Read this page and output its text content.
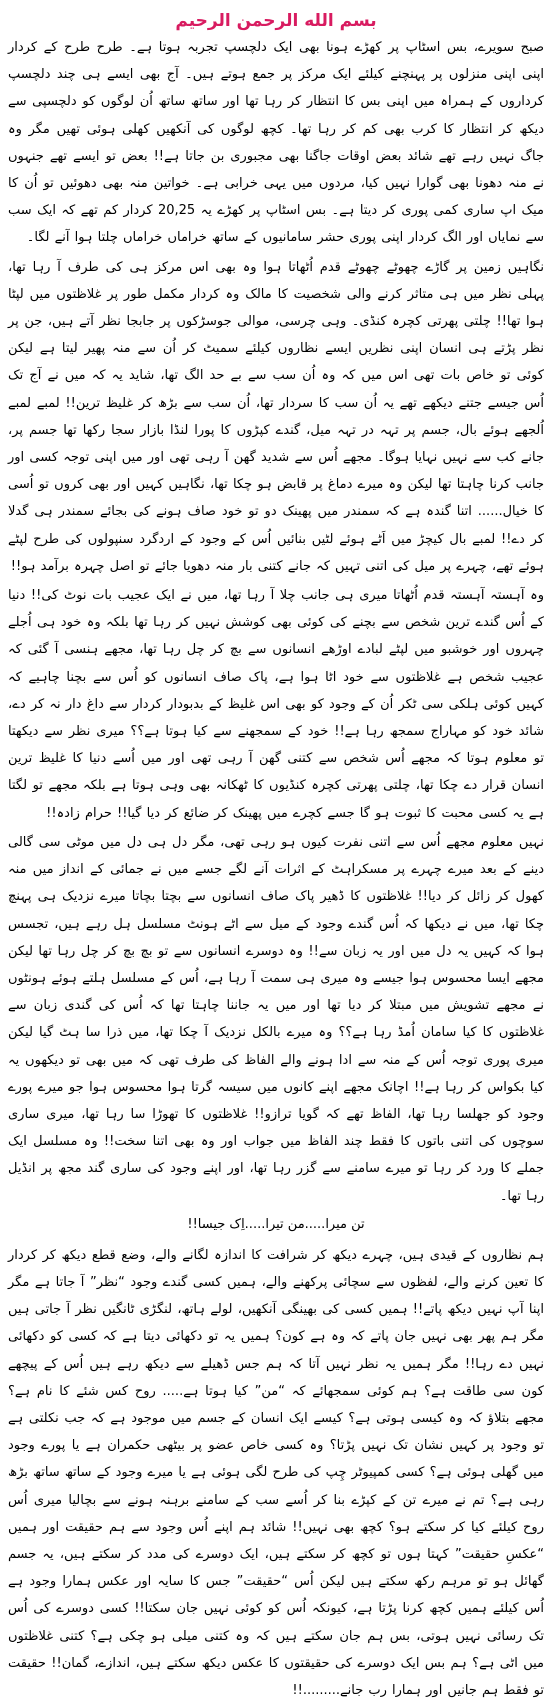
بسم الله الرحمن الرحیم

صبح سویرے، بس اسٹاپ پر کھڑے ہونا بھی ایک دلچسپ تجربہ ہوتا ہے۔ طرح طرح کے کردار اپنی اپنی منزلوں پر پہنچنے کیلئے ایک مرکز پر جمع ہوتے ہیں۔ آج بھی ایسے ہی چند دلچسپ کرداروں کے ہمراہ میں اپنی بس کا انتظار کر رہا تھا اور ساتھ ساتھ اُن لوگوں کو دلچسپی سے دیکھ کر انتظار کا کرب بھی کم کر رہا تھا۔ کچھ لوگوں کی آنکھیں کھلی ہوئی تھیں مگر وہ جاگ نہیں رہے تھے شائد بعض اوقات جاگنا بھی مجبوری بن جاتا ہے!! بعض تو ایسے تھے جنہوں نے منہ دھونا بھی گوارا نہیں کیا، مردوں میں یہی خرابی ہے۔ خواتین منہ بھی دھوئیں تو اُن کا میک اپ ساری کمی پوری کر دیتا ہے۔ بس اسٹاپ پر کھڑے یہ 20,25 کردار کم تھے کہ ایک سب سے نمایاں اور الگ کردار اپنی پوری حشر سامانیوں کے ساتھ خراماں خراماں چلتا ہوا آنے لگا۔

نگاہیں زمین پر گاڑے چھوٹے چھوٹے قدم اُٹھاتا ہوا وہ بھی اس مرکز ہی کی طرف آ رہا تھا، پہلی نظر میں ہی متاثر کرنے والی شخصیت کا مالک وہ کردار مکمل طور پر غلاظتوں میں لپٹا ہوا تھا!! چلتی پھرتی کچرہ کنڈی۔ وہی چرسی، موالی جوسڑکوں پر جابجا نظر آتے ہیں، جن پر نظر پڑتے ہی انسان اپنی نظریں ایسے نظاروں کیلئے سمیٹ کر اُن سے منہ پھیر لیتا ہے لیکن کوئی تو خاص بات تھی اس میں کہ وہ اُن سب سے بے حد الگ تھا، شاید یہ کہ میں نے آج تک اُس جیسے جتنے دیکھے تھے یہ اُن سب کا سردار تھا، اُن سب سے بڑھ کر غلیظ ترین!! لمبے لمبے اُلجھے ہوئے بال، جسم پر تہہ در تہہ میل، گندے کپڑوں کا پورا لنڈا بازار سجا رکھا تھا جسم پر، جانے کب سے نہیں نہایا ہوگا۔ مجھے اُس سے شدید گھن آ رہی تھی اور میں اپنی توجہ کسی اور جانب کرنا چاہتا تھا لیکن وہ میرے دماغ پر قابض ہو چکا تھا، نگاہیں کہیں اور بھی کروں تو اُسی کا خیال...... اتنا گندہ ہے کہ سمندر میں پھینک دو تو خود صاف ہونے کی بجائے سمندر ہی گدلا کر دے!! لمبے بال کیچڑ میں اَٹے ہوئے لٹیں بنائیں اُس کے وجود کے اردگرد سنپولوں کی طرح لپٹے ہوئے تھے، چہرے پر میل کی اتنی تہیں کہ جانے کتنی بار منہ دھویا جائے تو اصل چہرہ برآمد ہو!!

وہ آہستہ آہستہ قدم اُٹھاتا میری ہی جانب چلا آ رہا تھا، میں نے ایک عجیب بات نوٹ کی!! دنیا کے اُس گندے ترین شخص سے بچنے کی کوئی بھی کوشش نہیں کر رہا تھا بلکہ وہ خود ہی اُجلے چہروں اور خوشبو میں لپٹے لبادے اوڑھے انسانوں سے بچ کر چل رہا تھا، مجھے ہنسی آ گئی کہ عجیب شخص ہے غلاظتوں سے خود اٹا ہوا ہے، پاک صاف انسانوں کو اُس سے بچنا چاہیے کہ کہیں کوئی ہلکی سی ٹکر اُن کے وجود کو بھی اس غلیظ کے بدبودار کردار سے داغ دار نہ کر دے، شائد خود کو مہاراج سمجھ رہا ہے!! خود کے سمجھنے سے کیا ہوتا ہے؟؟ میری نظر سے دیکھتا تو معلوم ہوتا کہ مجھے اُس شخص سے کتنی گھن آ رہی تھی اور میں اُسے دنیا کا غلیظ ترین انسان قرار دے چکا تھا، چلتی پھرتی کچرہ کنڈیوں کا ٹھکانہ بھی وہی ہوتا ہے بلکہ مجھے تو لگتا ہے یہ کسی محبت کا ثبوت ہو گا جسے کچرے میں پھینک کر ضائع کر دیا گیا!! حرام زادہ!!

نہیں معلوم مجھے اُس سے اتنی نفرت کیوں ہو رہی تھی، مگر دل ہی دل میں موٹی سی گالی دینے کے بعد میرے چہرے پر مسکراہٹ کے اثرات آنے لگے جسے میں نے جمائی کے انداز میں منہ کھول کر زائل کر دیا!! غلاظتوں کا ڈھیر پاک صاف انسانوں سے بچتا بچاتا میرے نزدیک ہی پہنچ چکا تھا، میں نے دیکھا کہ اُس گندے وجود کے میل سے اٹے ہونٹ مسلسل ہل رہے ہیں، تجسس ہوا کہ کہیں یہ دل میں اور یہ زبان سے!! وہ دوسرے انسانوں سے تو بچ بچ کر چل رہا تھا لیکن مجھے ایسا محسوس ہوا جیسے وہ میری ہی سمت آ رہا ہے، اُس کے مسلسل ہلتے ہوئے ہونٹوں نے مجھے تشویش میں مبتلا کر دیا تھا اور میں یہ جاننا چاہتا تھا کہ اُس کی گندی زبان سے غلاظتوں کا کیا سامان اُمڈ رہا ہے؟؟ وہ میرے بالکل نزدیک آ چکا تھا، میں ذرا سا ہٹ گیا لیکن میری پوری توجہ اُس کے منہ سے ادا ہونے والے الفاظ کی طرف تھی کہ میں بھی تو دیکھوں یہ کیا بکواس کر رہا ہے!! اچانک مجھے اپنے کانوں میں سیسہ گرتا ہوا محسوس ہوا جو میرے پورے وجود کو جھلسا رہا تھا، الفاظ تھے کہ گویا ترازو!! غلاظتوں کا تھوڑا سا رہا تھا، میری ساری سوچوں کی اتنی باتوں کا فقط چند الفاظ میں جواب اور وہ بھی اتنا سخت!! وہ مسلسل ایک جملے کا ورد کر رہا تو میرے سامنے سے گزر رہا تھا، اور اپنے وجود کی ساری گند مجھ پر انڈیل رہا تھا۔

تن میرا.....من تیرا.....اِک جیسا!!

ہم نظاروں کے قیدی ہیں، چہرے دیکھ کر شرافت کا اندازہ لگانے والے، وضع قطع دیکھ کر کردار کا تعین کرنے والے، لفظوں سے سچائی پرکھنے والے، ہمیں کسی گندے وجود “نظر” آ جاتا ہے مگر اپنا آپ نہیں دیکھ پاتے!! ہمیں کسی کی بھینگی آنکھیں، لولے ہاتھ، لنگڑی ٹانگیں نظر آ جاتی ہیں مگر ہم پھر بھی نہیں جان پاتے کہ وہ ہے کون؟ ہمیں یہ تو دکھائی دیتا ہے کہ کسی کو دکھائی نہیں دے رہا!! مگر ہمیں یہ نظر نہیں آتا کہ ہم جس ڈھیلے سے دیکھ رہے ہیں اُس کے پیچھے کون سی طاقت ہے؟ ہم کوئی سمجھائے کہ “من” کیا ہوتا ہے..... روح کس شئے کا نام ہے؟ مجھے بتلاؤ کہ وہ کیسی ہوتی ہے؟ کیسے ایک انسان کے جسم میں موجود ہے کہ جب نکلتی ہے تو وجود پر کہیں نشان تک نہیں پڑتا؟ وہ کسی خاص عضو پر بیٹھی حکمران ہے یا پورے وجود میں گھلی ہوئی ہے؟ کسی کمپیوٹر چِپ کی طرح لگی ہوئی ہے یا میرے وجود کے ساتھ ساتھ بڑھ رہی ہے؟ تم نے میرے تن کے کپڑے بنا کر اُسے سب کے سامنے برہنہ ہونے سے بچالیا میری اُس روح کیلئے کیا کر سکتے ہو؟ کچھ بھی نہیں!! شائد ہم اپنے اُس وجود سے ہم حقیقت اور ہمیں “عکسِ حقیقت” کہتا ہوں تو کچھ کر سکتے ہیں، ایک دوسرے کی مدد کر سکتے ہیں، یہ جسم گھائل ہو تو مرہم رکھ سکتے ہیں لیکن اُس “حقیقت” جس کا سایہ اور عکس ہمارا وجود ہے اُس کیلئے ہمیں کچھ کرنا پڑتا ہے، کیونکہ اُس کو کوئی نہیں جان سکتا!! کسی دوسرے کی اُس تک رسائی نہیں ہوتی، بس ہم جان سکتے ہیں کہ وہ کتنی میلی ہو چکی ہے؟ کتنی غلاظتوں میں اٹی ہے؟ ہم بس ایک دوسرے کی حقیقتوں کا عکس دیکھ سکتے ہیں، اندازے، گمان!! حقیقت تو فقط ہم جانیں اور ہمارا رب جانے.........!!
